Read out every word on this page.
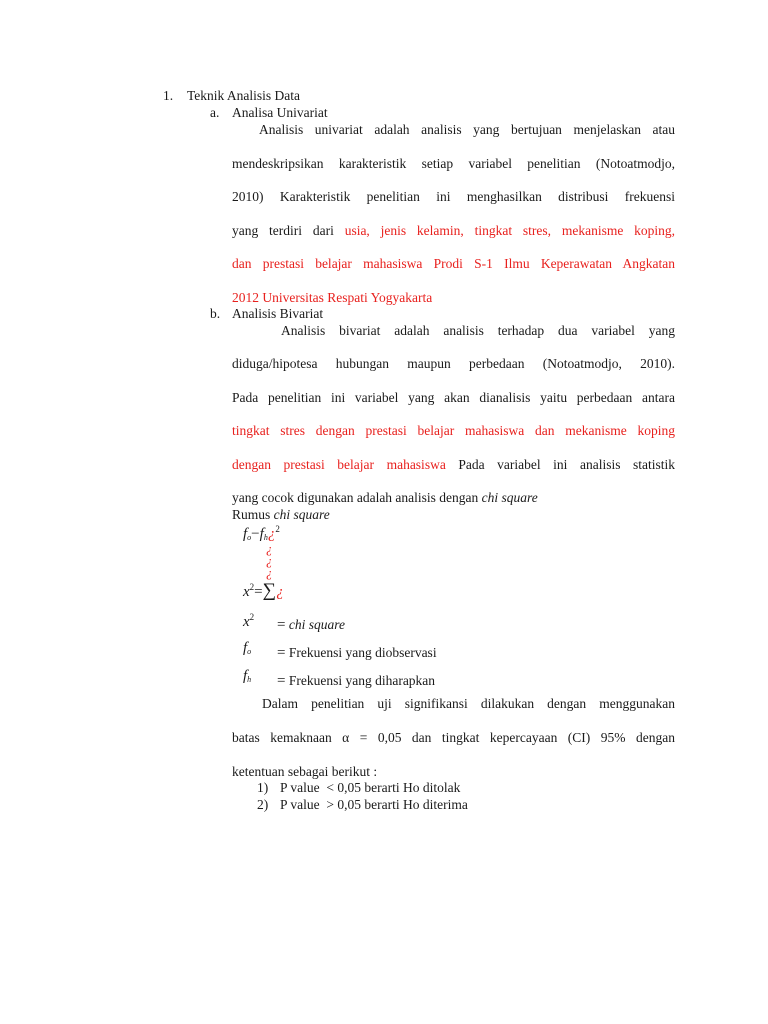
1. Teknik Analisis Data
a. Analisa Univariat
Analisis univariat adalah analisis yang bertujuan menjelaskan atau
mendeskripsikan karakteristik setiap variabel penelitian (Notoatmodjo,
2010) Karakteristik penelitian ini menghasilkan distribusi frekuensi
yang terdiri dari usia, jenis kelamin, tingkat stres, mekanisme koping,
dan prestasi belajar mahasiswa Prodi S-1 Ilmu Keperawatan Angkatan
2012 Universitas Respati Yogyakarta
b. Analisis Bivariat
Analisis bivariat adalah analisis terhadap dua variabel yang
diduga/hipotesa hubungan maupun perbedaan (Notoatmodjo, 2010).
Pada penelitian ini variabel yang akan dianalisis yaitu perbedaan antara
tingkat stres dengan prestasi belajar mahasiswa dan mekanisme koping
dengan prestasi belajar mahasiswa Pada variabel ini analisis statistik
yang cocok digunakan adalah analisis dengan chi square
Rumus chi square
$f_o-f_h¿^2$
¿
¿
¿
$x^2=\sum¿$
$x^2$ = chi square
$f_o$ = Frekuensi yang diobservasi
$f_h$ = Frekuensi yang diharapkan
Dalam penelitian uji signifikansi dilakukan dengan menggunakan
batas kemaknaan α = 0,05 dan tingkat kepercayaan (CI) 95% dengan
ketentuan sebagai berikut :
1) P value  < 0,05 berarti Ho ditolak
2) P value  > 0,05 berarti Ho diterima
